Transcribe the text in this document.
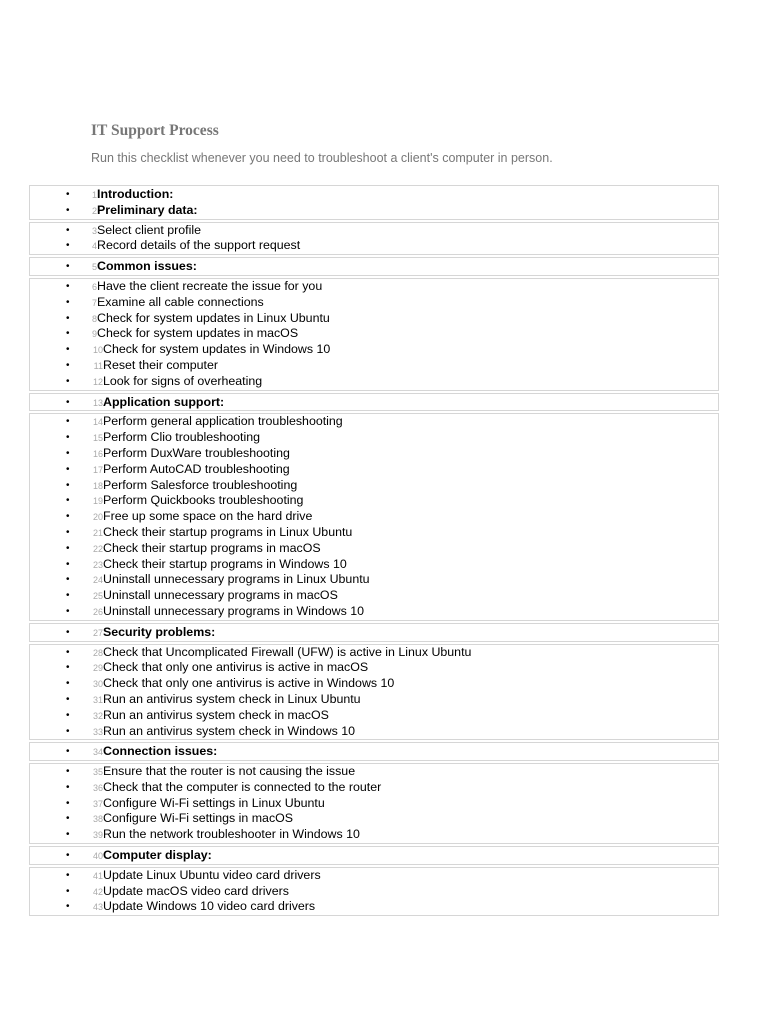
IT Support Process
Run this checklist whenever you need to troubleshoot a client's computer in person.
• 1 Introduction:
• 2 Preliminary data:
• 3 Select client profile
• 4 Record details of the support request
• 5 Common issues:
• 6 Have the client recreate the issue for you
• 7 Examine all cable connections
• 8 Check for system updates in Linux Ubuntu
• 9 Check for system updates in macOS
•	10 Check for system updates in Windows 10
•	11 Reset their computer
•	12 Look for signs of overheating
•	13 Application support:
•	14 Perform general application troubleshooting
•	15 Perform Clio troubleshooting
•	16 Perform DuxWare troubleshooting
•	17 Perform AutoCAD troubleshooting
•	18 Perform Salesforce troubleshooting
•	19 Perform Quickbooks troubleshooting
•	20 Free up some space on the hard drive
•	21 Check their startup programs in Linux Ubuntu
•	22 Check their startup programs in macOS
•	23 Check their startup programs in Windows 10
•	24 Uninstall unnecessary programs in Linux Ubuntu
•	25 Uninstall unnecessary programs in macOS
•	26 Uninstall unnecessary programs in Windows 10
•	27 Security problems:
•	28 Check that Uncomplicated Firewall (UFW) is active in Linux Ubuntu
•	29 Check that only one antivirus is active in macOS
•	30 Check that only one antivirus is active in Windows 10
•	31 Run an antivirus system check in Linux Ubuntu
•	32 Run an antivirus system check in macOS
•	33 Run an antivirus system check in Windows 10
•	34 Connection issues:
•	35 Ensure that the router is not causing the issue
•	36 Check that the computer is connected to the router
•	37 Configure Wi-Fi settings in Linux Ubuntu
•	38 Configure Wi-Fi settings in macOS
•	39 Run the network troubleshooter in Windows 10
•	40 Computer display:
•	41 Update Linux Ubuntu video card drivers
•	42 Update macOS video card drivers
•	43 Update Windows 10 video card drivers
